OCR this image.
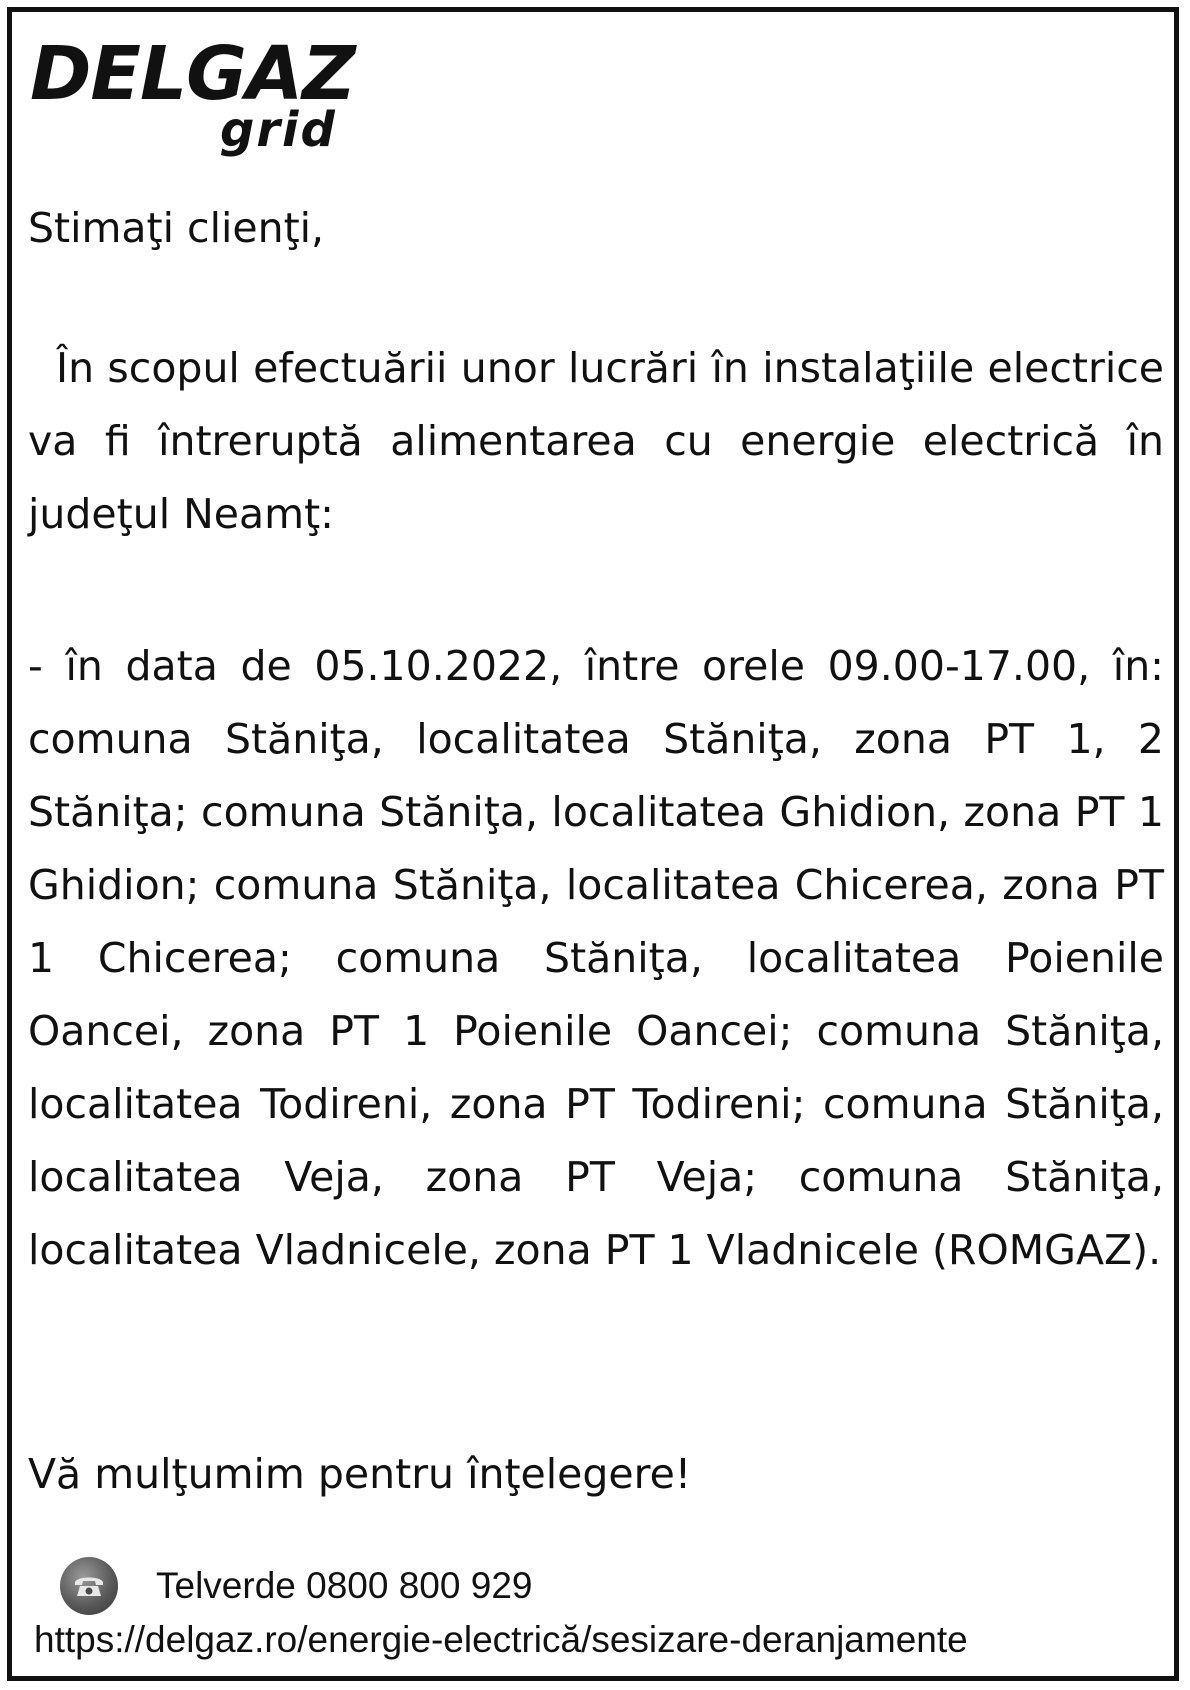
DELGAZ
grid
Stimaţi clienţi,
În scopul efectuării unor lucrări în instalaţiile electrice va fi întreruptă alimentarea cu energie electrică în judeţul Neamţ:
- în data de 05.10.2022, între orele 09.00-17.00, în: comuna Stăniţa, localitatea Stăniţa, zona PT 1, 2 Stăniţa; comuna Stăniţa, localitatea Ghidion, zona PT 1 Ghidion; comuna Stăniţa, localitatea Chicerea, zona PT 1 Chicerea; comuna Stăniţa, localitatea Poienile Oancei, zona PT 1 Poienile Oancei; comuna Stăniţa, localitatea Todireni, zona PT Todireni; comuna Stăniţa, localitatea Veja, zona PT Veja; comuna Stăniţa, localitatea Vladnicele, zona PT 1 Vladnicele (ROMGAZ).
Vă mulţumim pentru înţelegere!
Telverde 0800 800 929
https://delgaz.ro/energie-electrică/sesizare-deranjamente
